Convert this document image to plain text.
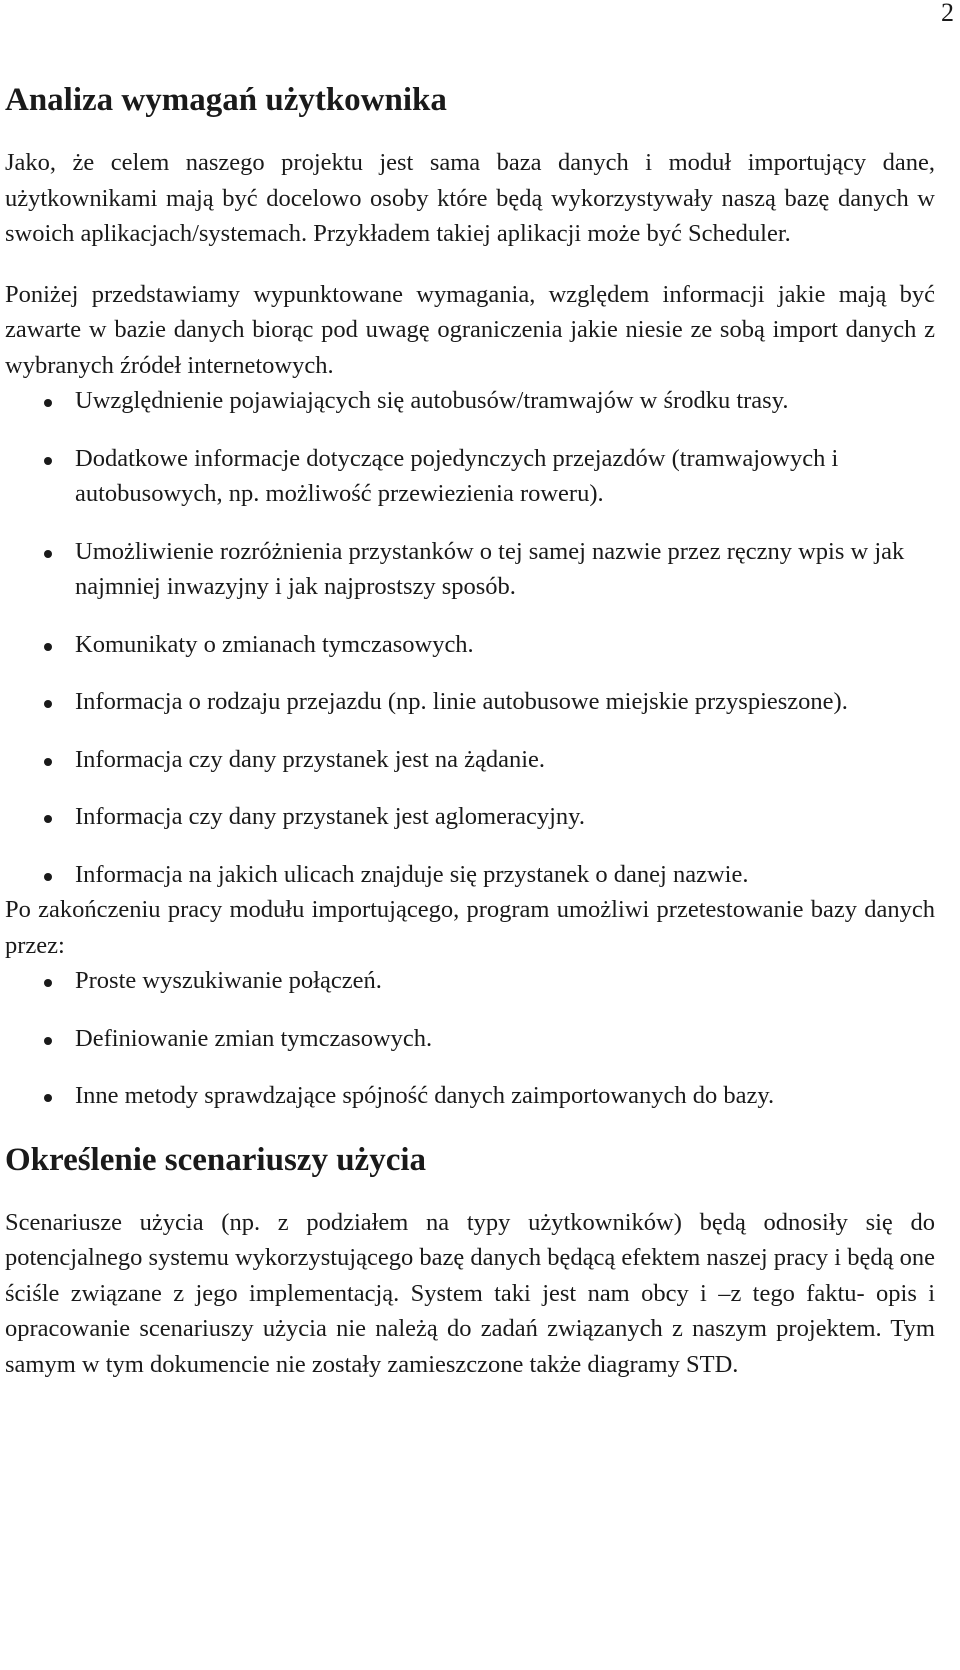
2
Analiza wymagań użytkownika

Jako, że celem naszego projektu jest sama baza danych i moduł importujący dane, użytkownikami mają być docelowo osoby które będą wykorzystywały naszą bazę danych w swoich aplikacjach/systemach. Przykładem takiej aplikacji może być Scheduler.

Poniżej przedstawiamy wypunktowane wymagania, względem informacji jakie mają być zawarte w bazie danych biorąc pod uwagę ograniczenia jakie niesie ze sobą import danych z wybranych źródeł internetowych.

Uwzględnienie pojawiających się autobusów/tramwajów w środku trasy.
Dodatkowe informacje dotyczące pojedynczych przejazdów (tramwajowych i autobusowych, np. możliwość przewiezienia roweru).
Umożliwienie rozróżnienia przystanków o tej samej nazwie przez ręczny wpis w jak najmniej inwazyjny i jak najprostszy sposób.
Komunikaty o zmianach tymczasowych.
Informacja o rodzaju przejazdu (np. linie autobusowe miejskie przyspieszone).
Informacja czy dany przystanek jest na żądanie.
Informacja czy dany przystanek jest aglomeracyjny.
Informacja na jakich ulicach znajduje się przystanek o danej nazwie.

Po zakończeniu pracy modułu importującego, program umożliwi przetestowanie bazy danych przez:

Proste wyszukiwanie połączeń.
Definiowanie zmian tymczasowych.
Inne metody sprawdzające spójność danych zaimportowanych do bazy.
Określenie scenariuszy użycia

Scenariusze użycia (np. z podziałem na typy użytkowników) będą odnosiły się do potencjalnego systemu wykorzystującego bazę danych będącą efektem naszej pracy i będą one ściśle związane z jego implementacją. System taki jest nam obcy i –z tego faktu- opis i opracowanie scenariuszy użycia nie należą do zadań związanych z naszym projektem. Tym samym w tym dokumencie nie zostały zamieszczone także diagramy STD.
